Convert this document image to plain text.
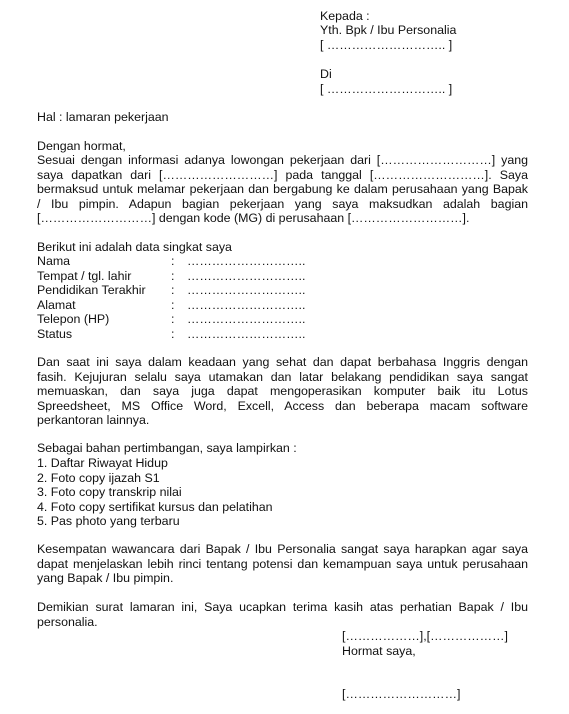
Kepada :
Yth. Bpk / Ibu Personalia
[ ……………………….. ]
Di
[ ……………………….. ]
Hal : lamaran pekerjaan
Dengan hormat,
Sesuai dengan informasi adanya lowongan pekerjaan dari [………………………] yang
saya dapatkan dari [………………………] pada tanggal [………………………]. Saya
bermaksud untuk melamar pekerjaan dan bergabung ke dalam perusahaan yang Bapak
/ Ibu pimpin. Adapun bagian pekerjaan yang saya maksudkan adalah bagian
[………………………] dengan kode (MG) di perusahaan [………………………].
Berikut ini adalah data singkat saya
Nama	: ………………………..
Tempat / tgl. lahir	: ………………………..
Pendidikan Terakhir : ………………………..
Alamat	: ………………………..
Telepon (HP)	: ………………………..
Status	: ………………………..
Dan saat ini saya dalam keadaan yang sehat dan dapat berbahasa Inggris dengan
fasih. Kejujuran selalu saya utamakan dan latar belakang pendidikan saya sangat
memuaskan, dan saya juga dapat mengoperasikan komputer baik itu Lotus
Spreedsheet, MS Office Word, Excell, Access dan beberapa macam software
perkantoran lainnya.
Sebagai bahan pertimbangan, saya lampirkan :
1. Daftar Riwayat Hidup
2. Foto copy ijazah S1
3. Foto copy transkrip nilai
4. Foto copy sertifikat kursus dan pelatihan
5. Pas photo yang terbaru
Kesempatan wawancara dari Bapak / Ibu Personalia sangat saya harapkan agar saya
dapat menjelaskan lebih rinci tentang potensi dan kemampuan saya untuk perusahaan
yang Bapak / Ibu pimpin.
Demikian surat lamaran ini, Saya ucapkan terima kasih atas perhatian Bapak / Ibu
personalia.
[………………],[………………]
Hormat saya,
[………………………]
